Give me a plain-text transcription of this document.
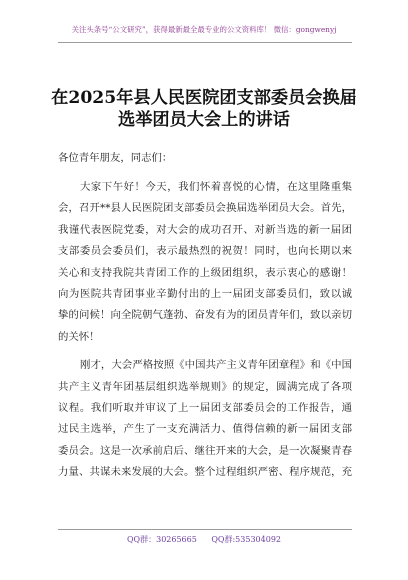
关注头条号“公文研究”，获得最新最全最专业的公文资料库！ 微信：gongwenyj
在2025年县人民医院团支部委员会换届
选举团员大会上的讲话
各位青年朋友，同志们：
大家下午好！今天，我们怀着喜悦的心情，在这里隆重集
会，召开**县人民医院团支部委员会换届选举团员大会。首先，
我谨代表医院党委，对大会的成功召开、对新当选的新一届团
支部委员会委员们，表示最热烈的祝贺！同时，也向长期以来
关心和支持我院共青团工作的上级团组织，表示衷心的感谢！
向为医院共青团事业辛勤付出的上一届团支部委员们，致以诚
挚的问候！向全院朝气蓬勃、奋发有为的团员青年们，致以亲切
的关怀！
刚才，大会严格按照《中国共产主义青年团章程》和《中国
共产主义青年团基层组织选举规则》的规定，圆满完成了各项
议程。我们听取并审议了上一届团支部委员会的工作报告，通
过民主选举，产生了一支充满活力、值得信赖的新一届团支部
委员会。这是一次承前启后、继往开来的大会，是一次凝聚青春
力量、共谋未来发展的大会。整个过程组织严密、程序规范，充
QQ群：30265665 QQ群:535304092
